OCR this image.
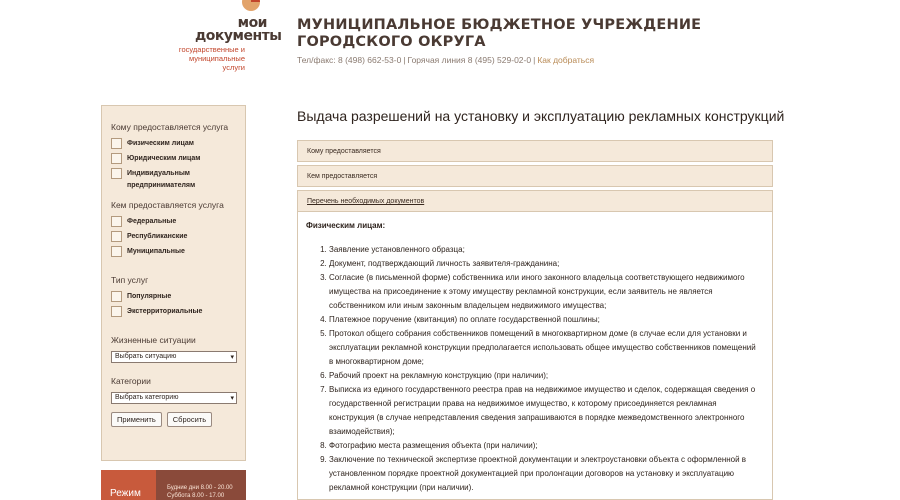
мои документы
государственные и муниципальные услуги
МУНИЦИПАЛЬНОЕ БЮДЖЕТНОЕ УЧРЕЖДЕНИЕ ГОРОДСКОГО ОКРУГА
Тел/факс: 8 (498) 662-53-0 | Горячая линия 8 (495) 529-02-0 | Как добраться
Кому предоставляется услуга
Физическим лицам
Юридическим лицам
Индивидуальным предпринимателям
Кем предоставляется услуга
Федеральные
Республиканские
Муниципальные
Тип услуг
Популярные
Экстерриториальные
Жизненные ситуации
Выбрать ситуацию	▾
Категории
Выбрать категорию	▾
Применить	Сбросить
Режим	Будние дни 8.00 - 20.00
Суббота 8.00 - 17.00
Выдача разрешений на установку и эксплуатацию рекламных конструкций
Кому предоставляется
Кем предоставляется
Перечень необходимых документов
Физическим лицам:
1. Заявление установленного образца;
2. Документ, подтверждающий личность заявителя-гражданина;
3. Согласие (в письменной форме) собственника или иного законного владельца соответствующего недвижимого имущества на присоединение к этому имуществу рекламной конструкции, если заявитель не является собственником или иным законным владельцем недвижимого имущества;
4. Платежное поручение (квитанция) по оплате государственной пошлины;
5. Протокол общего собрания собственников помещений в многоквартирном доме (в случае если для установки и эксплуатации рекламной конструкции предполагается использовать общее имущество собственников помещений в многоквартирном доме;
6. Рабочий проект на рекламную конструкцию (при наличии);
7. Выписка из единого государственного реестра прав на недвижимое имущество и сделок, содержащая сведения о государственной регистрации права на недвижимое имущество, к которому присоединяется рекламная конструкция (в случае непредставления сведения запрашиваются в порядке межведомственного электронного взаимодействия);
8. Фотографию места размещения объекта (при наличии);
9. Заключение по технической экспертизе проектной документации и электроустановки объекта с оформленной в установленном порядке проектной документацией при пролонгации договоров на установку и эксплуатацию рекламной конструкции (при наличии).
